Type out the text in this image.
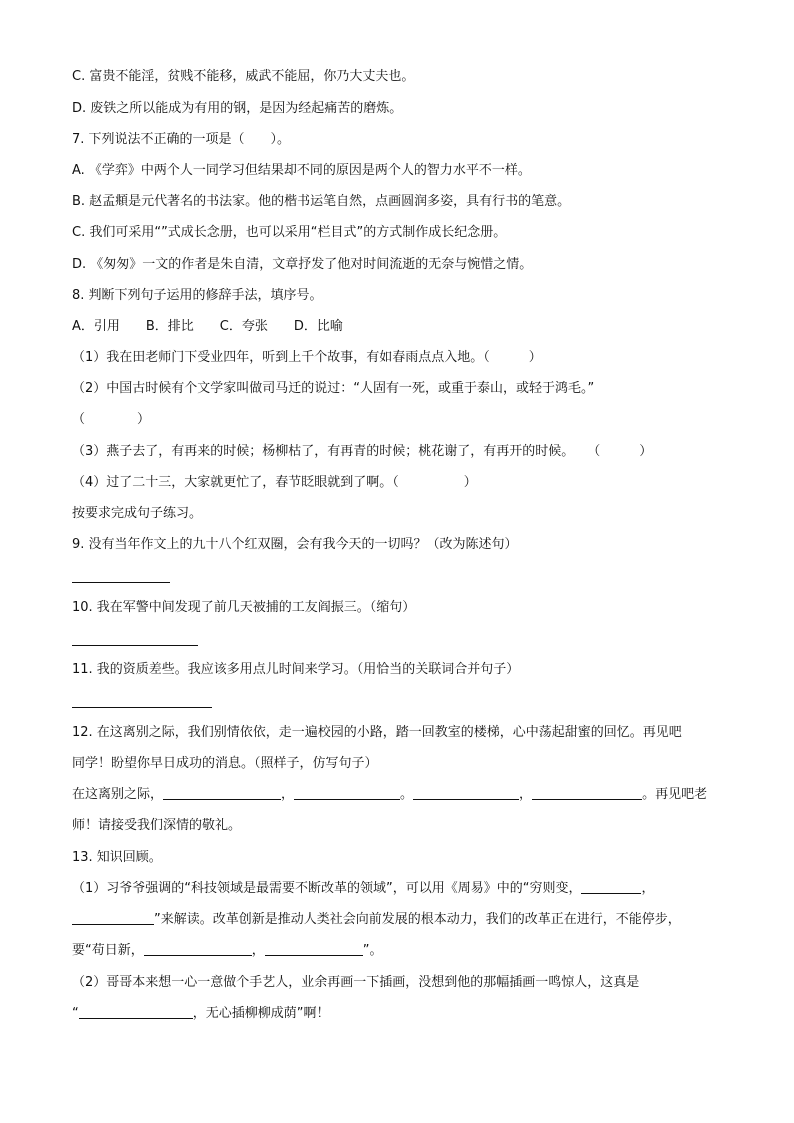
C. 富贵不能淫，贫贱不能移，威武不能屈，你乃大丈夫也。
D. 废铁之所以能成为有用的钢，是因为经起痛苦的磨炼。
7. 下列说法不正确的一项是（　　）。
A. 《学弈》中两个人一同学习但结果却不同的原因是两个人的智力水平不一样。
B. 赵孟頫是元代著名的书法家。他的楷书运笔自然，点画圆润多姿，具有行书的笔意。
C. 我们可采用“”式成长念册，也可以采用“栏目式”的方式制作成长纪念册。
D. 《匆匆》一文的作者是朱自清，文章抒发了他对时间流逝的无奈与惋惜之情。
8. 判断下列句子运用的修辞手法，填序号。
A．引用　　B．排比　　C．夸张　　D．比喻
（1）我在田老师门下受业四年，听到上千个故事，有如春雨点点入地。（　　　）
（2）中国古时候有个文学家叫做司马迁的说过：“人固有一死，或重于泰山，或轻于鸿毛。”
（　　　　）
（3）燕子去了，有再来的时候；杨柳枯了，有再青的时候；桃花谢了，有再开的时候。　　（　　　）
（4）过了二十三，大家就更忙了，春节眨眼就到了啊。（　　　　　）
按要求完成句子练习。
9. 没有当年作文上的九十八个红双圈，会有我今天的一切吗？（改为陈述句）
10. 我在军警中间发现了前几天被捕的工友阎振三。（缩句）
11. 我的资质差些。我应该多用点儿时间来学习。（用恰当的关联词合并句子）
12. 在这离别之际，我们别情依依，走一遍校园的小路，踏一回教室的楼梯，心中荡起甜蜜的回忆。再见吧
同学！盼望你早日成功的消息。（照样子，仿写句子）
在这离别之际，	，	。	，	。再见吧老
师！请接受我们深情的敬礼。
13. 知识回顾。
（1）习爷爷强调的“科技领域是最需要不断改革的领域”，可以用《周易》中的“穷则变，	，
”来解读。改革创新是推动人类社会向前发展的根本动力，我们的改革正在进行，不能停步，
要“苟日新，	，	”。
（2）哥哥本来想一心一意做个手艺人，业余再画一下插画，没想到他的那幅插画一鸣惊人，这真是
“	，无心插柳柳成荫”啊！
